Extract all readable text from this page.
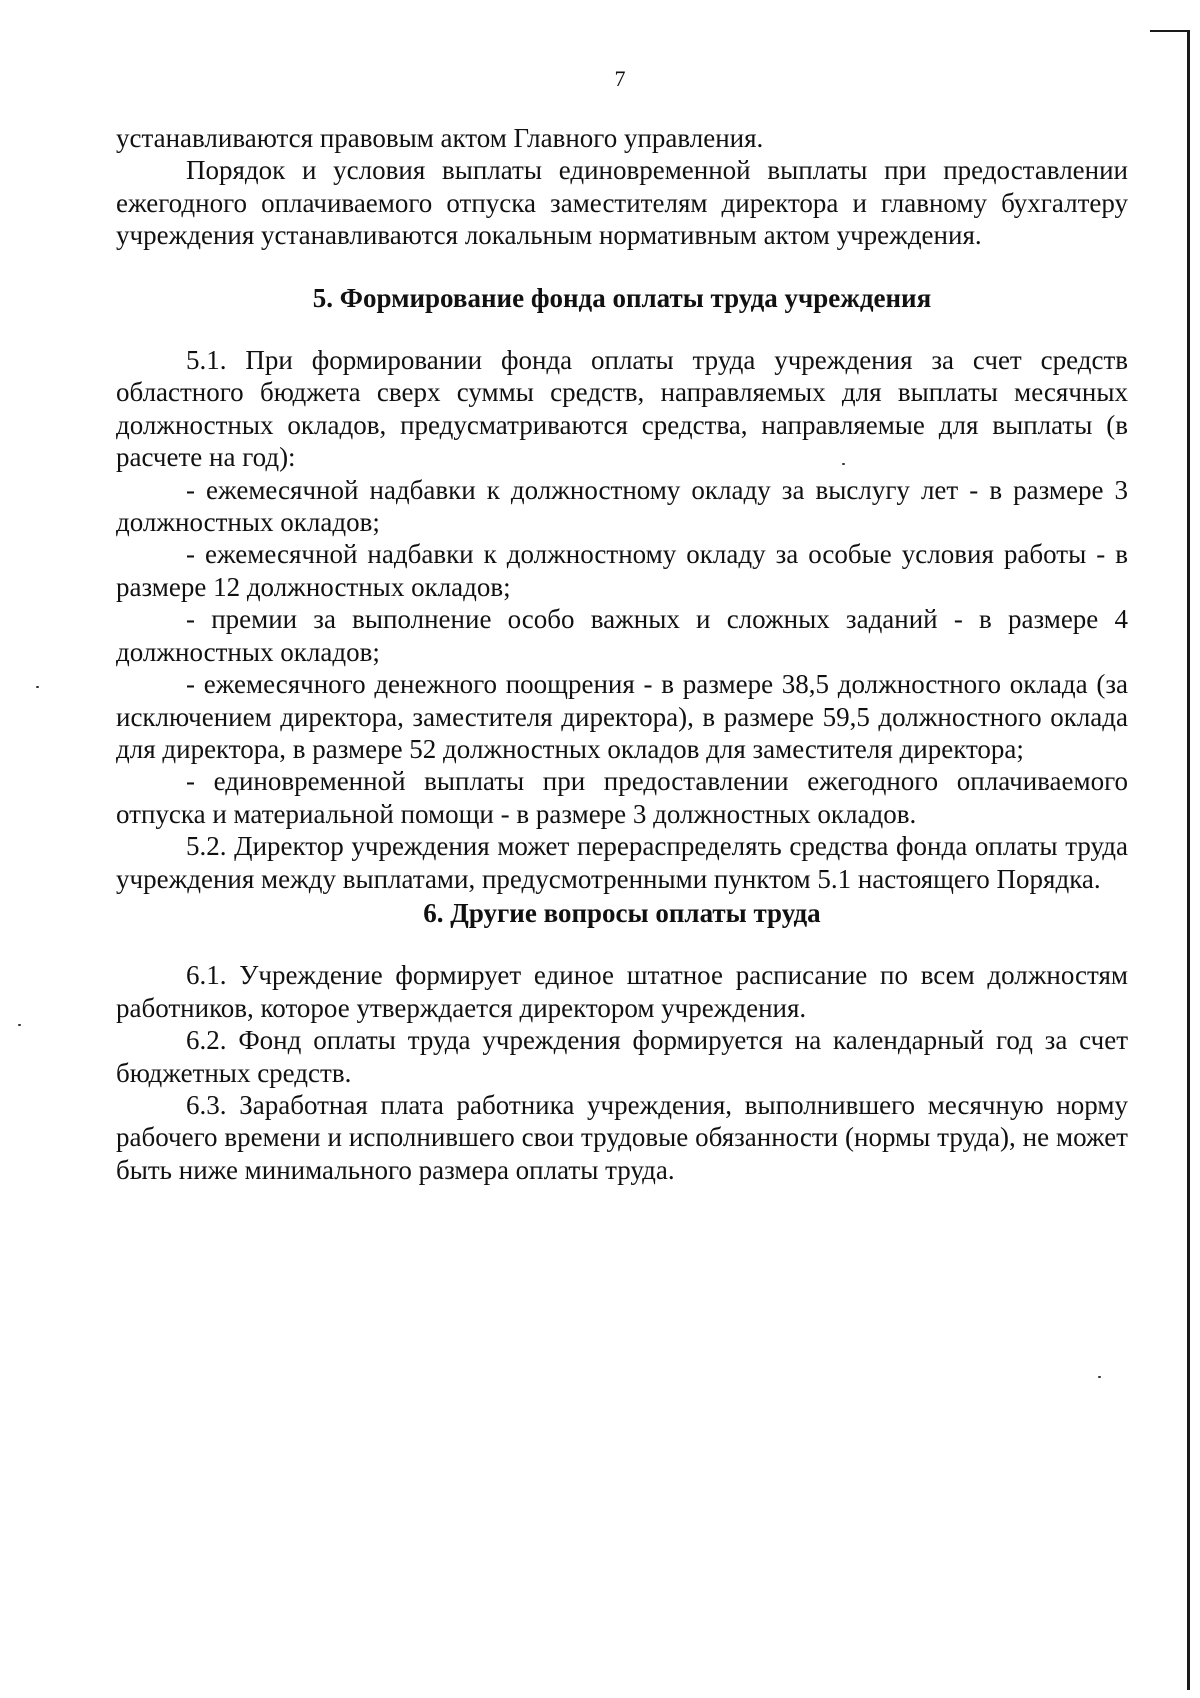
7

устанавливаются правовым актом Главного управления.

Порядок и условия выплаты единовременной выплаты при предоставлении ежегодного оплачиваемого отпуска заместителям директора и главному бухгалтеру учреждения устанавливаются локальным нормативным актом учреждения.

5. Формирование фонда оплаты труда учреждения

5.1. При формировании фонда оплаты труда учреждения за счет средств областного бюджета сверх суммы средств, направляемых для выплаты месячных должностных окладов, предусматриваются средства, направляемые для выплаты (в расчете на год):

- ежемесячной надбавки к должностному окладу за выслугу лет - в размере 3 должностных окладов;

- ежемесячной надбавки к должностному окладу за особые условия работы - в размере 12 должностных окладов;

- премии за выполнение особо важных и сложных заданий - в размере 4 должностных окладов;

- ежемесячного денежного поощрения - в размере 38,5 должностного оклада (за исключением директора, заместителя директора), в размере 59,5 должностного оклада для директора, в размере 52 должностных окладов для заместителя директора;

- единовременной выплаты при предоставлении ежегодного оплачиваемого отпуска и материальной помощи - в размере 3 должностных окладов.

5.2. Директор учреждения может перераспределять средства фонда оплаты труда учреждения между выплатами, предусмотренными пунктом 5.1 настоящего Порядка.

6. Другие вопросы оплаты труда

6.1. Учреждение формирует единое штатное расписание по всем должностям работников, которое утверждается директором учреждения.

6.2. Фонд оплаты труда учреждения формируется на календарный год за счет бюджетных средств.

6.3. Заработная плата работника учреждения, выполнившего месячную норму рабочего времени и исполнившего свои трудовые обязанности (нормы труда), не может быть ниже минимального размера оплаты труда.
